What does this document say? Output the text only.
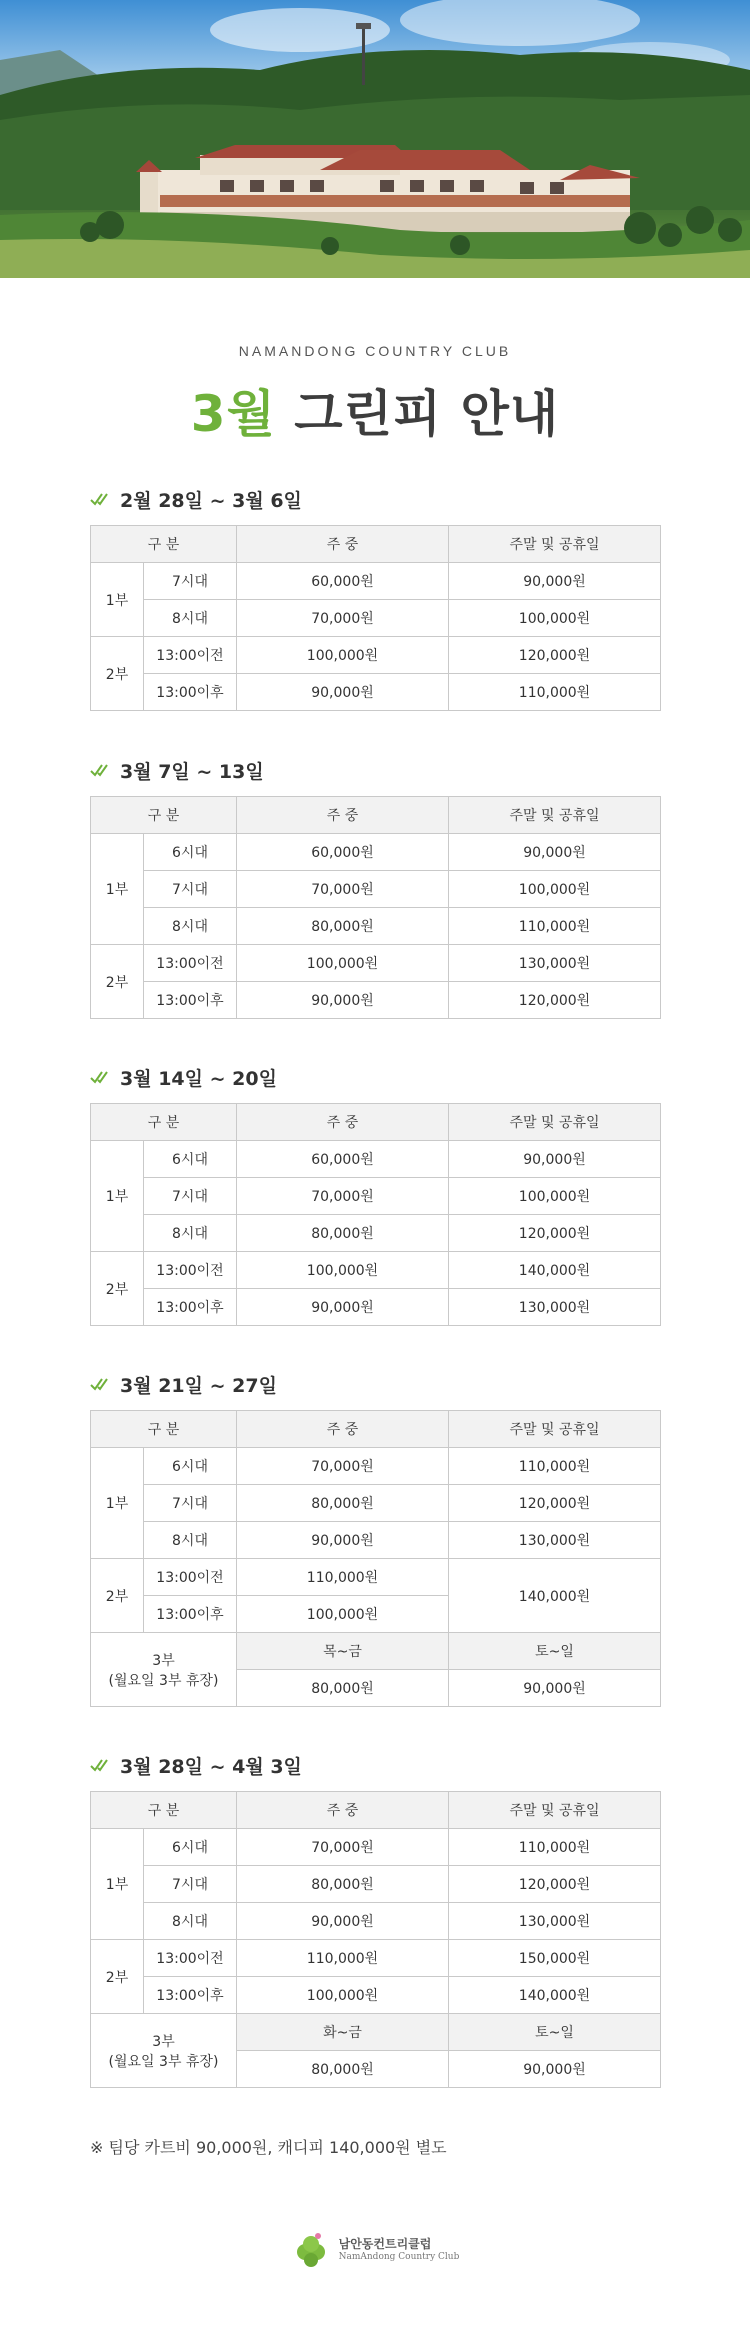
NAMANDONG COUNTRY CLUB
3월 그린피 안내
2월 28일 ~ 3월 6일
구 분		주 중	주말 및 공휴일
1부	7시대	60,000원	90,000원
	8시대	70,000원	100,000원
2부	13:00이전	100,000원	120,000원
	13:00이후	90,000원	110,000원
3월 7일 ~ 13일
구 분		주 중	주말 및 공휴일
1부	6시대	60,000원	90,000원
	7시대	70,000원	100,000원
	8시대	80,000원	110,000원
2부	13:00이전	100,000원	130,000원
	13:00이후	90,000원	120,000원
3월 14일 ~ 20일
구 분		주 중	주말 및 공휴일
1부	6시대	60,000원	90,000원
	7시대	70,000원	100,000원
	8시대	80,000원	120,000원
2부	13:00이전	100,000원	140,000원
	13:00이후	90,000원	130,000원
3월 21일 ~ 27일
구 분		주 중	주말 및 공휴일
1부	6시대	70,000원	110,000원
	7시대	80,000원	120,000원
	8시대	90,000원	130,000원
2부	13:00이전	110,000원	140,000원
	13:00이후	100,000원	

3부
(월요일 3부 휴장)		목~금	토~일
		80,000원	90,000원
3월 28일 ~ 4월 3일
구 분		주 중	주말 및 공휴일
1부	6시대	70,000원	110,000원
	7시대	80,000원	120,000원
	8시대	90,000원	130,000원
2부	13:00이전	110,000원	150,000원
	13:00이후	100,000원	140,000원

3부
(월요일 3부 휴장)		화~금	토~일
		80,000원	90,000원
※ 팀당 카트비 90,000원, 캐디피 140,000원 별도
남안동컨트리클럽
NamAndong Country Club
